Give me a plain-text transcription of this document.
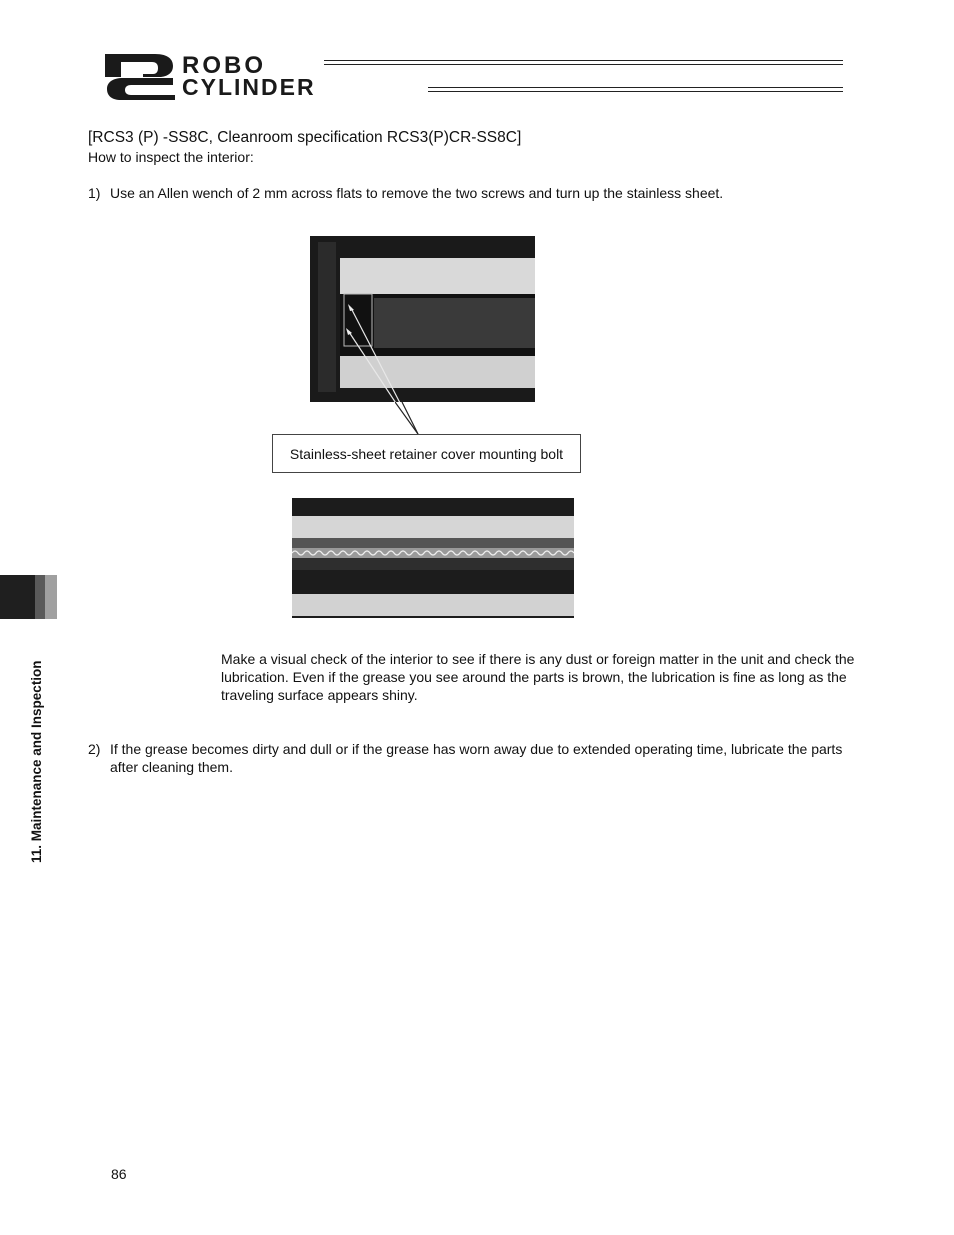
ROBO
CYLINDER
[RCS3 (P) -SS8C, Cleanroom specification RCS3(P)CR-SS8C]
How to inspect the interior:
1) Use an Allen wench of 2 mm across flats to remove the two screws and turn up the stainless sheet.
Stainless-sheet retainer cover mounting bolt
Make a visual check of the interior to see if there is any dust or foreign matter in the unit and check the lubrication. Even if the grease you see around the parts is brown, the lubrication is fine as long as the traveling surface appears shiny.
2) If the grease becomes dirty and dull or if the grease has worn away due to extended operating time, lubricate the parts after cleaning them.
11. Maintenance and Inspection
86
